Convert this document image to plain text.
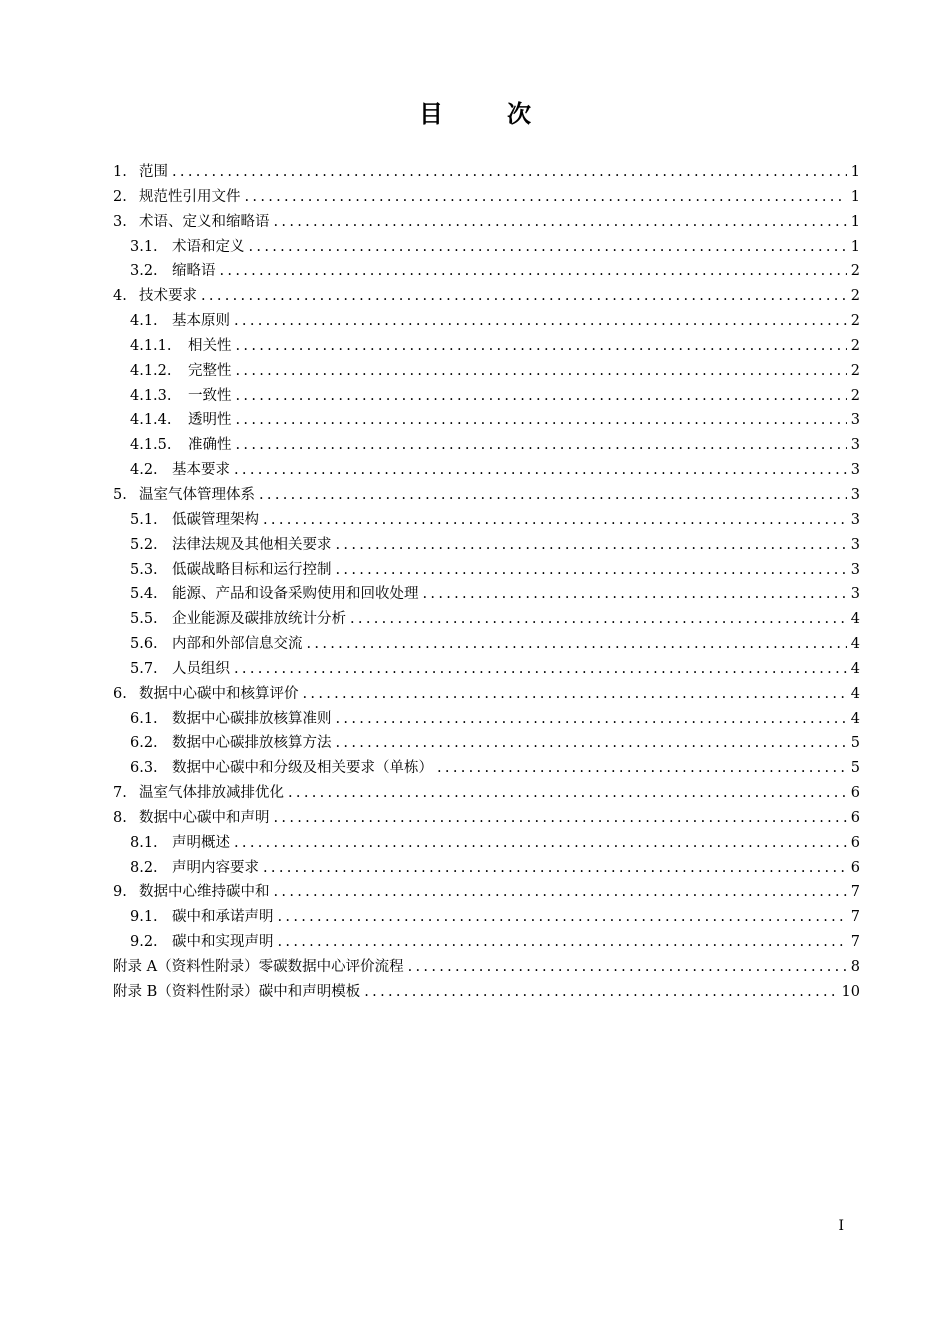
目　次
1. 范围 .....	1
2. 规范性引用文件 .....	1
3. 术语、定义和缩略语 .....	1
3.1. 术语和定义 .....	1
3.2. 缩略语 .....	2
4. 技术要求 .....	2
4.1. 基本原则 .....	2
4.1.1.	相关性 .....	2
4.1.2.	完整性 .....	2
4.1.3.	一致性 .....	2
4.1.4.	透明性 .....	3
4.1.5.	准确性 .....	3
4.2. 基本要求 .....	3
5. 温室气体管理体系 .....	3
5.1. 低碳管理架构 .....	3
5.2. 法律法规及其他相关要求 .....	3
5.3. 低碳战略目标和运行控制 .....	3
5.4. 能源、产品和设备采购使用和回收处理 .....	3
5.5. 企业能源及碳排放统计分析 .....	4
5.6. 内部和外部信息交流 .....	4
5.7. 人员组织 .....	4
6. 数据中心碳中和核算评价 .....	4
6.1. 数据中心碳排放核算准则 .....	4
6.2. 数据中心碳排放核算方法 .....	5
6.3. 数据中心碳中和分级及相关要求（单栋） .....	5
7. 温室气体排放减排优化 .....	6
8. 数据中心碳中和声明 .....	6
8.1. 声明概述 .....	6
8.2. 声明内容要求 .....	6
9. 数据中心维持碳中和 .....	7
9.1. 碳中和承诺声明 .....	7
9.2. 碳中和实现声明 .....	7
附录 A（资料性附录）零碳数据中心评价流程 .....	8
附录 B（资料性附录）碳中和声明模板 .....	10
I
